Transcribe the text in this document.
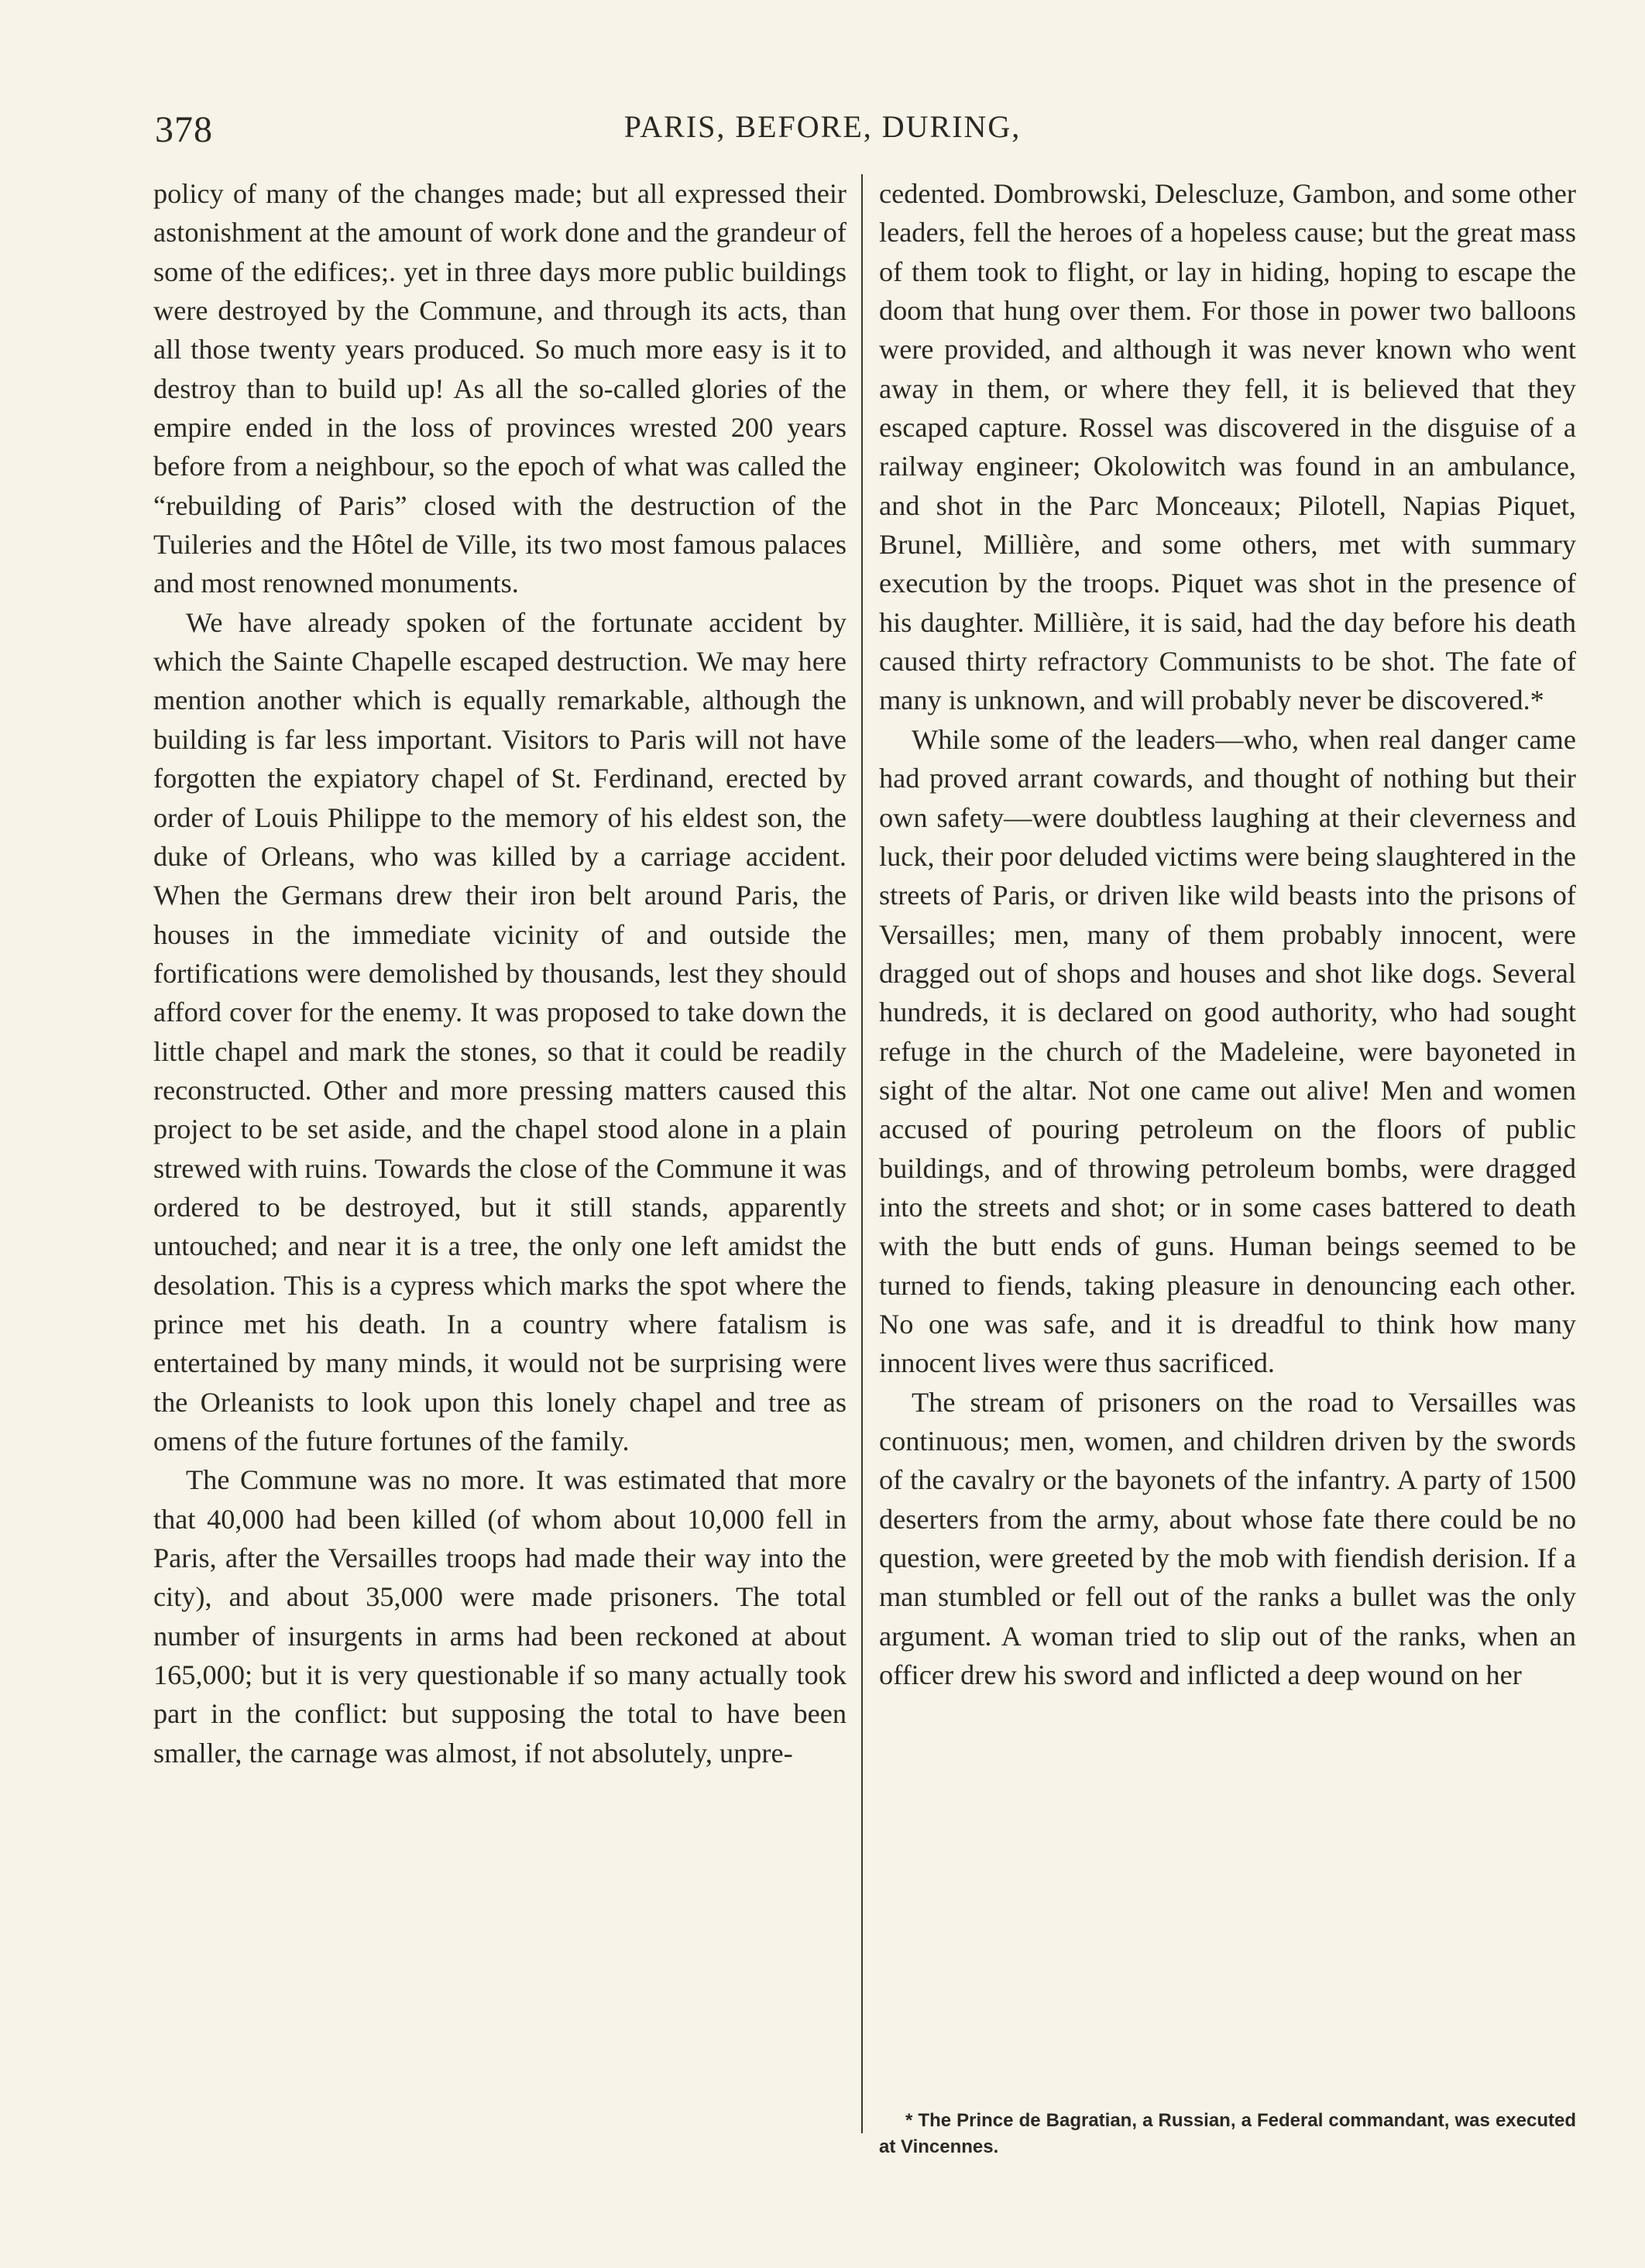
378	PARIS, BEFORE, DURING,

policy of many of the changes made; but all expressed their astonishment at the amount of work done and the grandeur of some of the edifices;. yet in three days more public buildings were destroyed by the Commune, and through its acts, than all those twenty years produced. So much more easy is it to destroy than to build up! As all the so-called glories of the empire ended in the loss of provinces wrested 200 years before from a neighbour, so the epoch of what was called the “rebuilding of Paris” closed with the destruction of the Tuileries and the Hôtel de Ville, its two most famous palaces and most renowned monuments.

We have already spoken of the fortunate accident by which the Sainte Chapelle escaped destruction. We may here mention another which is equally remarkable, although the building is far less important. Visitors to Paris will not have forgotten the expiatory chapel of St. Ferdinand, erected by order of Louis Philippe to the memory of his eldest son, the duke of Orleans, who was killed by a carriage accident. When the Germans drew their iron belt around Paris, the houses in the immediate vicinity of and outside the fortifications were demolished by thousands, lest they should afford cover for the enemy. It was proposed to take down the little chapel and mark the stones, so that it could be readily reconstructed. Other and more pressing matters caused this project to be set aside, and the chapel stood alone in a plain strewed with ruins. Towards the close of the Commune it was ordered to be destroyed, but it still stands, apparently untouched; and near it is a tree, the only one left amidst the desolation. This is a cypress which marks the spot where the prince met his death. In a country where fatalism is entertained by many minds, it would not be surprising were the Orleanists to look upon this lonely chapel and tree as omens of the future fortunes of the family.

The Commune was no more. It was estimated that more that 40,000 had been killed (of whom about 10,000 fell in Paris, after the Versailles troops had made their way into the city), and about 35,000 were made prisoners. The total number of insurgents in arms had been reckoned at about 165,000; but it is very questionable if so many actually took part in the conflict: but supposing the total to have been smaller, the carnage was almost, if not absolutely, unpre-

cedented. Dombrowski, Delescluze, Gambon, and some other leaders, fell the heroes of a hopeless cause; but the great mass of them took to flight, or lay in hiding, hoping to escape the doom that hung over them. For those in power two balloons were provided, and although it was never known who went away in them, or where they fell, it is believed that they escaped capture. Rossel was discovered in the disguise of a railway engineer; Okolowitch was found in an ambulance, and shot in the Parc Monceaux; Pilotell, Napias Piquet, Brunel, Millière, and some others, met with summary execution by the troops. Piquet was shot in the presence of his daughter. Millière, it is said, had the day before his death caused thirty refractory Communists to be shot. The fate of many is unknown, and will probably never be discovered.*

While some of the leaders—who, when real danger came had proved arrant cowards, and thought of nothing but their own safety—were doubtless laughing at their cleverness and luck, their poor deluded victims were being slaughtered in the streets of Paris, or driven like wild beasts into the prisons of Versailles; men, many of them probably innocent, were dragged out of shops and houses and shot like dogs. Several hundreds, it is declared on good authority, who had sought refuge in the church of the Madeleine, were bayoneted in sight of the altar. Not one came out alive! Men and women accused of pouring petroleum on the floors of public buildings, and of throwing petroleum bombs, were dragged into the streets and shot; or in some cases battered to death with the butt ends of guns. Human beings seemed to be turned to fiends, taking pleasure in denouncing each other. No one was safe, and it is dreadful to think how many innocent lives were thus sacrificed.

The stream of prisoners on the road to Versailles was continuous; men, women, and children driven by the swords of the cavalry or the bayonets of the infantry. A party of 1500 deserters from the army, about whose fate there could be no question, were greeted by the mob with fiendish derision. If a man stumbled or fell out of the ranks a bullet was the only argument. A woman tried to slip out of the ranks, when an officer drew his sword and inflicted a deep wound on her

* The Prince de Bagratian, a Russian, a Federal commandant, was executed at Vincennes.
